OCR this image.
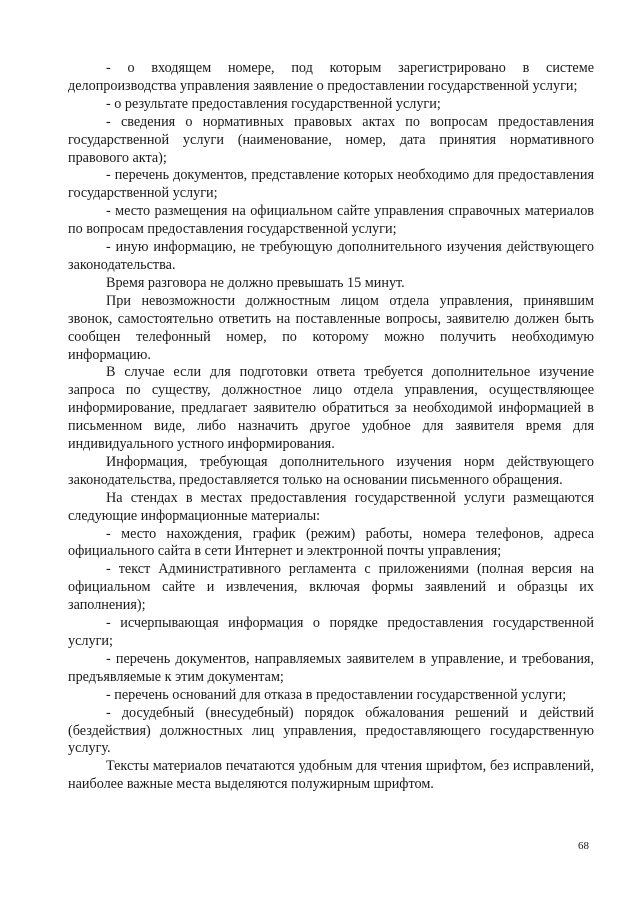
- о входящем номере, под которым зарегистрировано в системе делопроизводства управления заявление о предоставлении государственной услуги;

- о результате предоставления государственной услуги;

- сведения о нормативных правовых актах по вопросам предоставления государственной услуги (наименование, номер, дата принятия нормативного правового акта);

- перечень документов, представление которых необходимо для предоставления государственной услуги;

- место размещения на официальном сайте управления справочных материалов по вопросам предоставления государственной услуги;

- иную информацию, не требующую дополнительного изучения действующего законодательства.

Время разговора не должно превышать 15 минут.

При невозможности должностным лицом отдела управления, принявшим звонок, самостоятельно ответить на поставленные вопросы, заявителю должен быть сообщен телефонный номер, по которому можно получить необходимую информацию.

В случае если для подготовки ответа требуется дополнительное изучение запроса по существу, должностное лицо отдела управления, осуществляющее информирование, предлагает заявителю обратиться за необходимой информацией в письменном виде, либо назначить другое удобное для заявителя время для индивидуального устного информирования.

Информация, требующая дополнительного изучения норм действующего законодательства, предоставляется только на основании письменного обращения.

На стендах в местах предоставления государственной услуги размещаются следующие информационные материалы:

- место нахождения, график (режим) работы, номера телефонов, адреса официального сайта в сети Интернет и электронной почты управления;

- текст Административного регламента с приложениями (полная версия на официальном сайте и извлечения, включая формы заявлений и образцы их заполнения);

- исчерпывающая информация о порядке предоставления государственной услуги;

- перечень документов, направляемых заявителем в управление, и требования, предъявляемые к этим документам;

- перечень оснований для отказа в предоставлении государственной услуги;

- досудебный (внесудебный) порядок обжалования решений и действий (бездействия) должностных лиц управления, предоставляющего государственную услугу.

Тексты материалов печатаются удобным для чтения шрифтом, без исправлений, наиболее важные места выделяются полужирным шрифтом.

68
